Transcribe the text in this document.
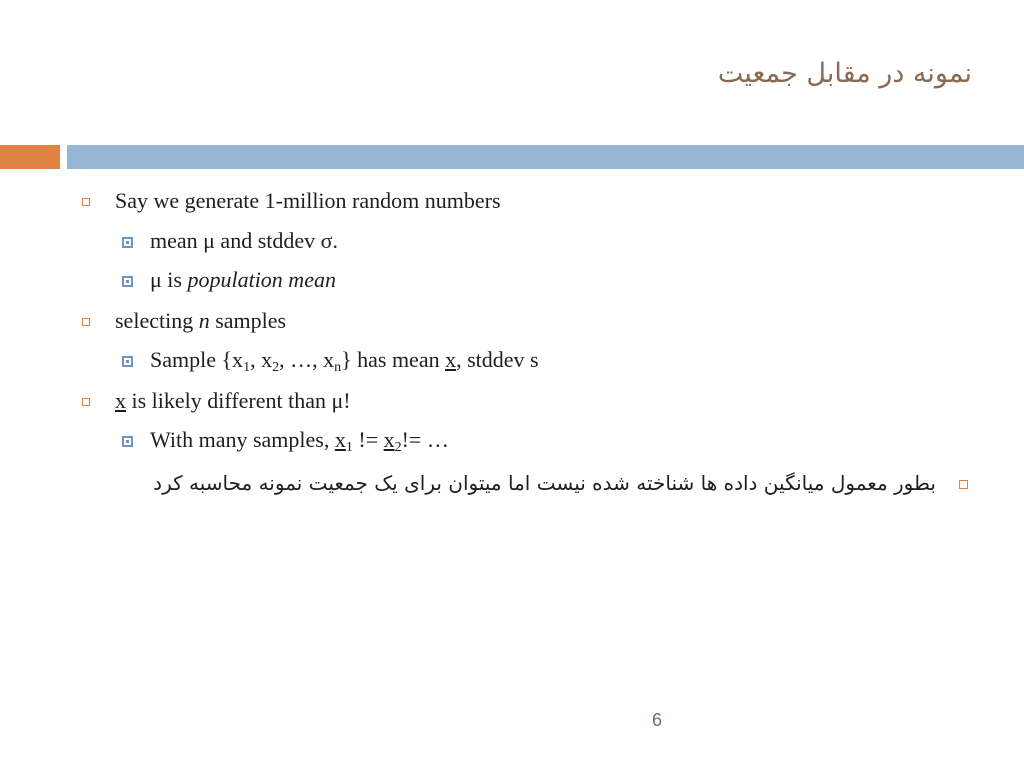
نمونه در مقابل جمعیت
Say we generate 1-million random numbers
mean μ and stddev σ.
μ is population mean
selecting n samples
Sample {$x_1$, $x_2$, …, $x_n$} has mean x, stddev s
x is likely different than μ!
With many samples, $x_1$ != $x_2!=$ …
بطور معمول میانگین داده ها شناخته شده نیست اما میتوان برای یک جمعیت نمونه محاسبه کرد
6
